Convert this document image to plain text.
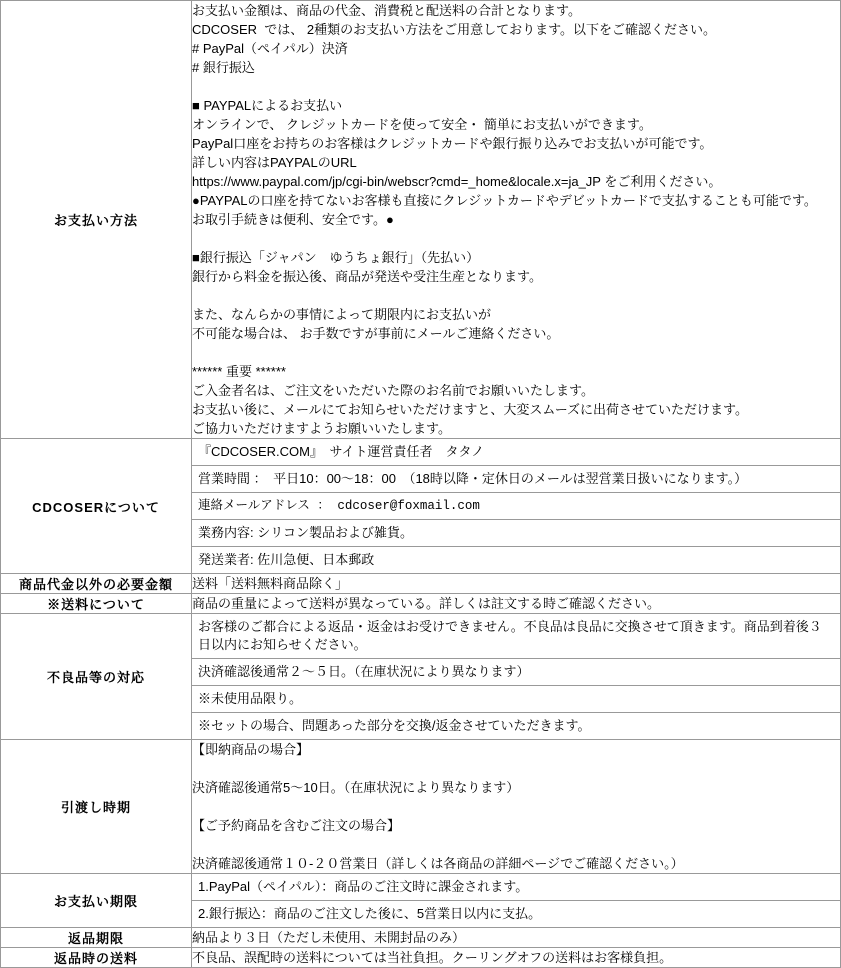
お支払い方法	
お支払い金額は、商品の代金、消費税と配送料の合計となります。
CDCOSER  では、 2種類のお支払い方法をご用意しております。以下をご確認ください。
# PayPal（ペイパル）決済
# 銀行振込
■ PAYPALによるお支払い
オンラインで、 クレジットカードを使って安全・ 簡単にお支払いができます。
PayPal口座をお持ちのお客様はクレジットカードや銀行振り込みでお支払いが可能です。
詳しい内容はPAYPALのURL
https://www.paypal.com/jp/cgi-bin/webscr?cmd=_home&locale.x=ja_JP をご利用ください。
●PAYPALの口座を持てないお客様も直接にクレジットカードやデビットカードで支払することも可能です。
お取引手続きは便利、安全です。●
■銀行振込「ジャパン　ゆうちょ銀行」（先払い）
銀行から料金を振込後、商品が発送や受注生産となります。
また、なんらかの事情によって期限内にお支払いが
不可能な場合は、 お手数ですが事前にメールご連絡ください。
****** 重要 ******
ご入金者名は、ご注文をいただいた際のお名前でお願いいたします。
お支払い後に、メールにてお知らせいただけますと、大変スムーズに出荷させていただけます。
ご協力いただけますようお願いいたします。

CDCOSERについて	『CDCOSER.COM』　サイト運営責任者　タタノ
営業時間 ：　平日10：00～18：00　（18時以降・定休日のメールは翌営業日扱いになります。）
連絡メールアドレス ： cdcoser@foxmail.com
業務内容: シリコン製品および雑貨。
発送業者: 佐川急便、日本郵政

商品代金以外の必要金額	送料「送料無料商品除く」

※送料について	商品の重量によって送料が異なっている。詳しくは註文する時ご確認ください。

不良品等の対応	お客様のご都合による返品・返金はお受けできません。不良品は良品に交換させて頂きます。商品到着後３日以内にお知らせください。
決済確認後通常２～５日。（在庫状況により異なります）
※未使用品限り。
※セットの場合、問題あった部分を交換/返金させていただきます。

引渡し時期	【即納商品の場合】
決済確認後通常5～10日。（在庫状況により異なります）
【ご予約商品を含むご注文の場合】
決済確認後通常１０-２０営業日（詳しくは各商品の詳細ページでご確認ください。）

お支払い期限	1.PayPal（ペイパル）：商品のご注文時に課金されます。
2.銀行振込：商品のご注文した後に、5営業日以内に支払。

返品期限	納品より３日（ただし未使用、未開封品のみ）

返品時の送料	不良品、誤配時の送料については当社負担。クーリングオフの送料はお客様負担。
